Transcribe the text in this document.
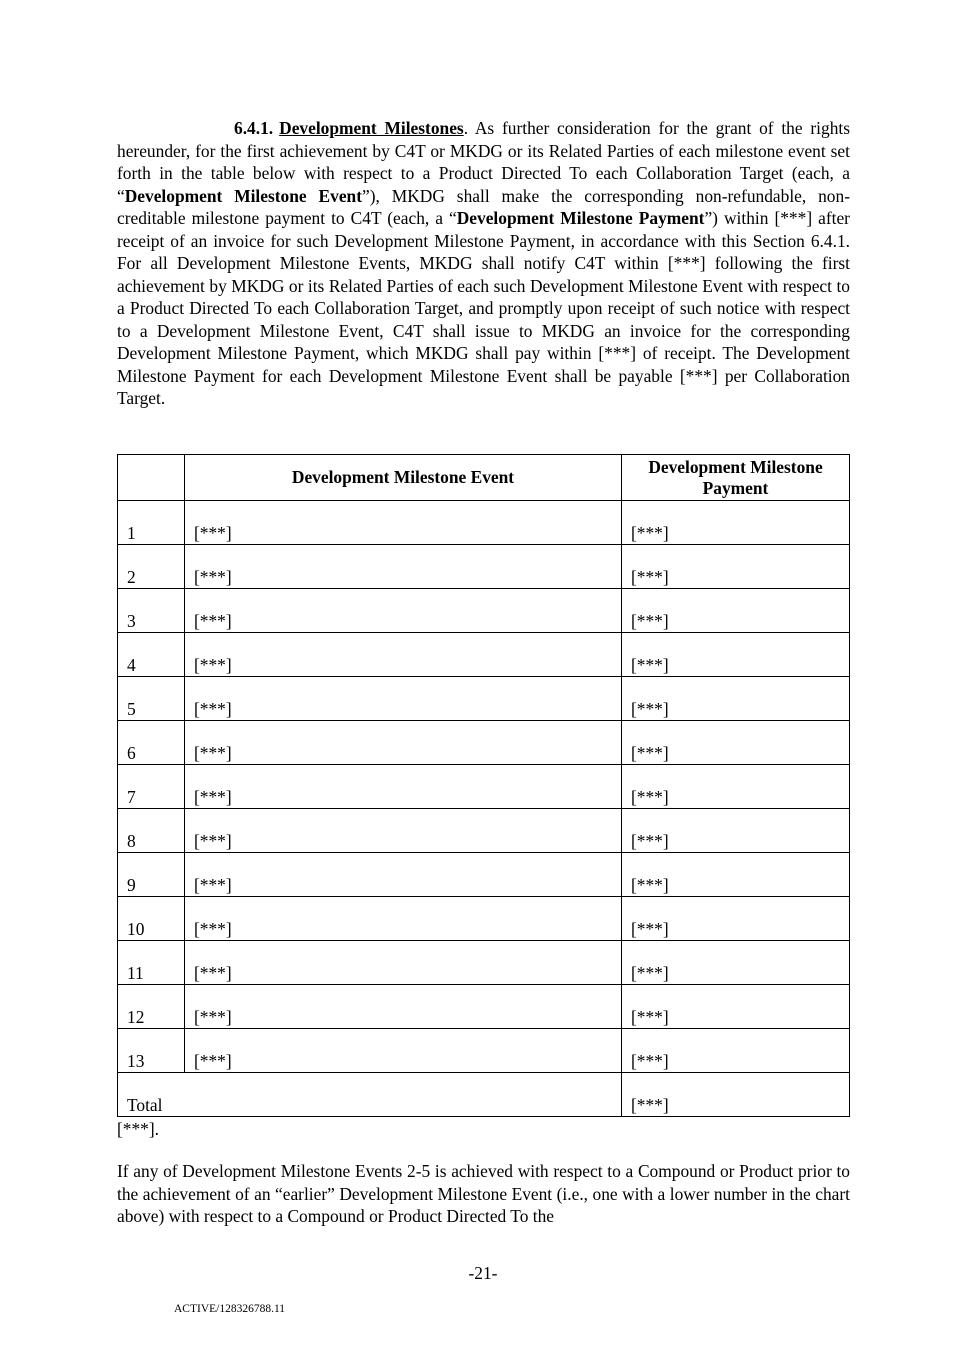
6.4.1. Development Milestones. As further consideration for the grant of the rights hereunder, for the first achievement by C4T or MKDG or its Related Parties of each milestone event set forth in the table below with respect to a Product Directed To each Collaboration Target (each, a “Development Milestone Event”), MKDG shall make the corresponding non-refundable, non-creditable milestone payment to C4T (each, a “Development Milestone Payment”) within [***] after receipt of an invoice for such Development Milestone Payment, in accordance with this Section 6.4.1. For all Development Milestone Events, MKDG shall notify C4T within [***] following the first achievement by MKDG or its Related Parties of each such Development Milestone Event with respect to a Product Directed To each Collaboration Target, and promptly upon receipt of such notice with respect to a Development Milestone Event, C4T shall issue to MKDG an invoice for the corresponding Development Milestone Payment, which MKDG shall pay within [***] of receipt. The Development Milestone Payment for each Development Milestone Event shall be payable [***] per Collaboration Target.

	Development Milestone Event	Development Milestone Payment
1	[***]	[***]
2	[***]	[***]
3	[***]	[***]
4	[***]	[***]
5	[***]	[***]
6	[***]	[***]
7	[***]	[***]
8	[***]	[***]
9	[***]	[***]
10	[***]	[***]
11	[***]	[***]
12	[***]	[***]
13	[***]	[***]
Total		[***]
[***].

If any of Development Milestone Events 2-5 is achieved with respect to a Compound or Product prior to the achievement of an “earlier” Development Milestone Event (i.e., one with a lower number in the chart above) with respect to a Compound or Product Directed To the

-21-
ACTIVE/128326788.11
